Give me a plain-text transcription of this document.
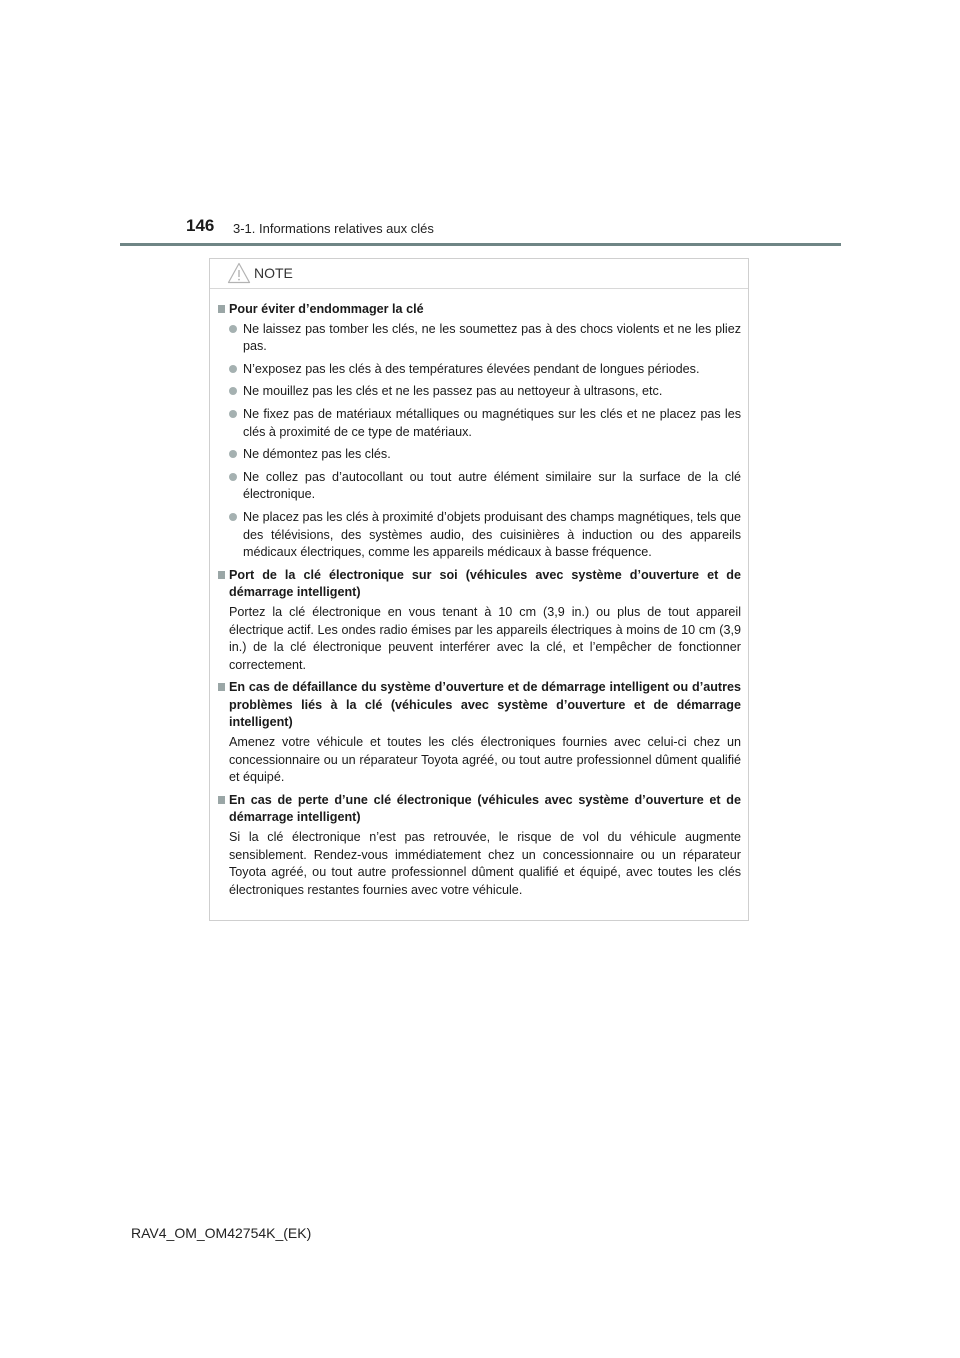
146 3-1. Informations relatives aux clés
NOTE
Pour éviter d’endommager la clé
Ne laissez pas tomber les clés, ne les soumettez pas à des chocs violents et ne les pliez pas.
N’exposez pas les clés à des températures élevées pendant de longues périodes.
Ne mouillez pas les clés et ne les passez pas au nettoyeur à ultrasons, etc.
Ne fixez pas de matériaux métalliques ou magnétiques sur les clés et ne placez pas les clés à proximité de ce type de matériaux.
Ne démontez pas les clés.
Ne collez pas d’autocollant ou tout autre élément similaire sur la surface de la clé électronique.
Ne placez pas les clés à proximité d’objets produisant des champs magnétiques, tels que des télévisions, des systèmes audio, des cuisinières à induction ou des appareils médicaux électriques, comme les appareils médicaux à basse fréquence.
Port de la clé électronique sur soi (véhicules avec système d’ouverture et de démarrage intelligent)
Portez la clé électronique en vous tenant à 10 cm (3,9 in.) ou plus de tout appareil électrique actif. Les ondes radio émises par les appareils électriques à moins de 10 cm (3,9 in.) de la clé électronique peuvent interférer avec la clé, et l’empêcher de fonctionner correctement.
En cas de défaillance du système d’ouverture et de démarrage intelligent ou d’autres problèmes liés à la clé (véhicules avec système d’ouverture et de démarrage intelligent)
Amenez votre véhicule et toutes les clés électroniques fournies avec celui-ci chez un concessionnaire ou un réparateur Toyota agréé, ou tout autre professionnel dûment qualifié et équipé.
En cas de perte d’une clé électronique (véhicules avec système d’ouverture et de démarrage intelligent)
Si la clé électronique n’est pas retrouvée, le risque de vol du véhicule augmente sensiblement. Rendez-vous immédiatement chez un concessionnaire ou un réparateur Toyota agréé, ou tout autre professionnel dûment qualifié et équipé, avec toutes les clés électroniques restantes fournies avec votre véhicule.
RAV4_OM_OM42754K_(EK)
